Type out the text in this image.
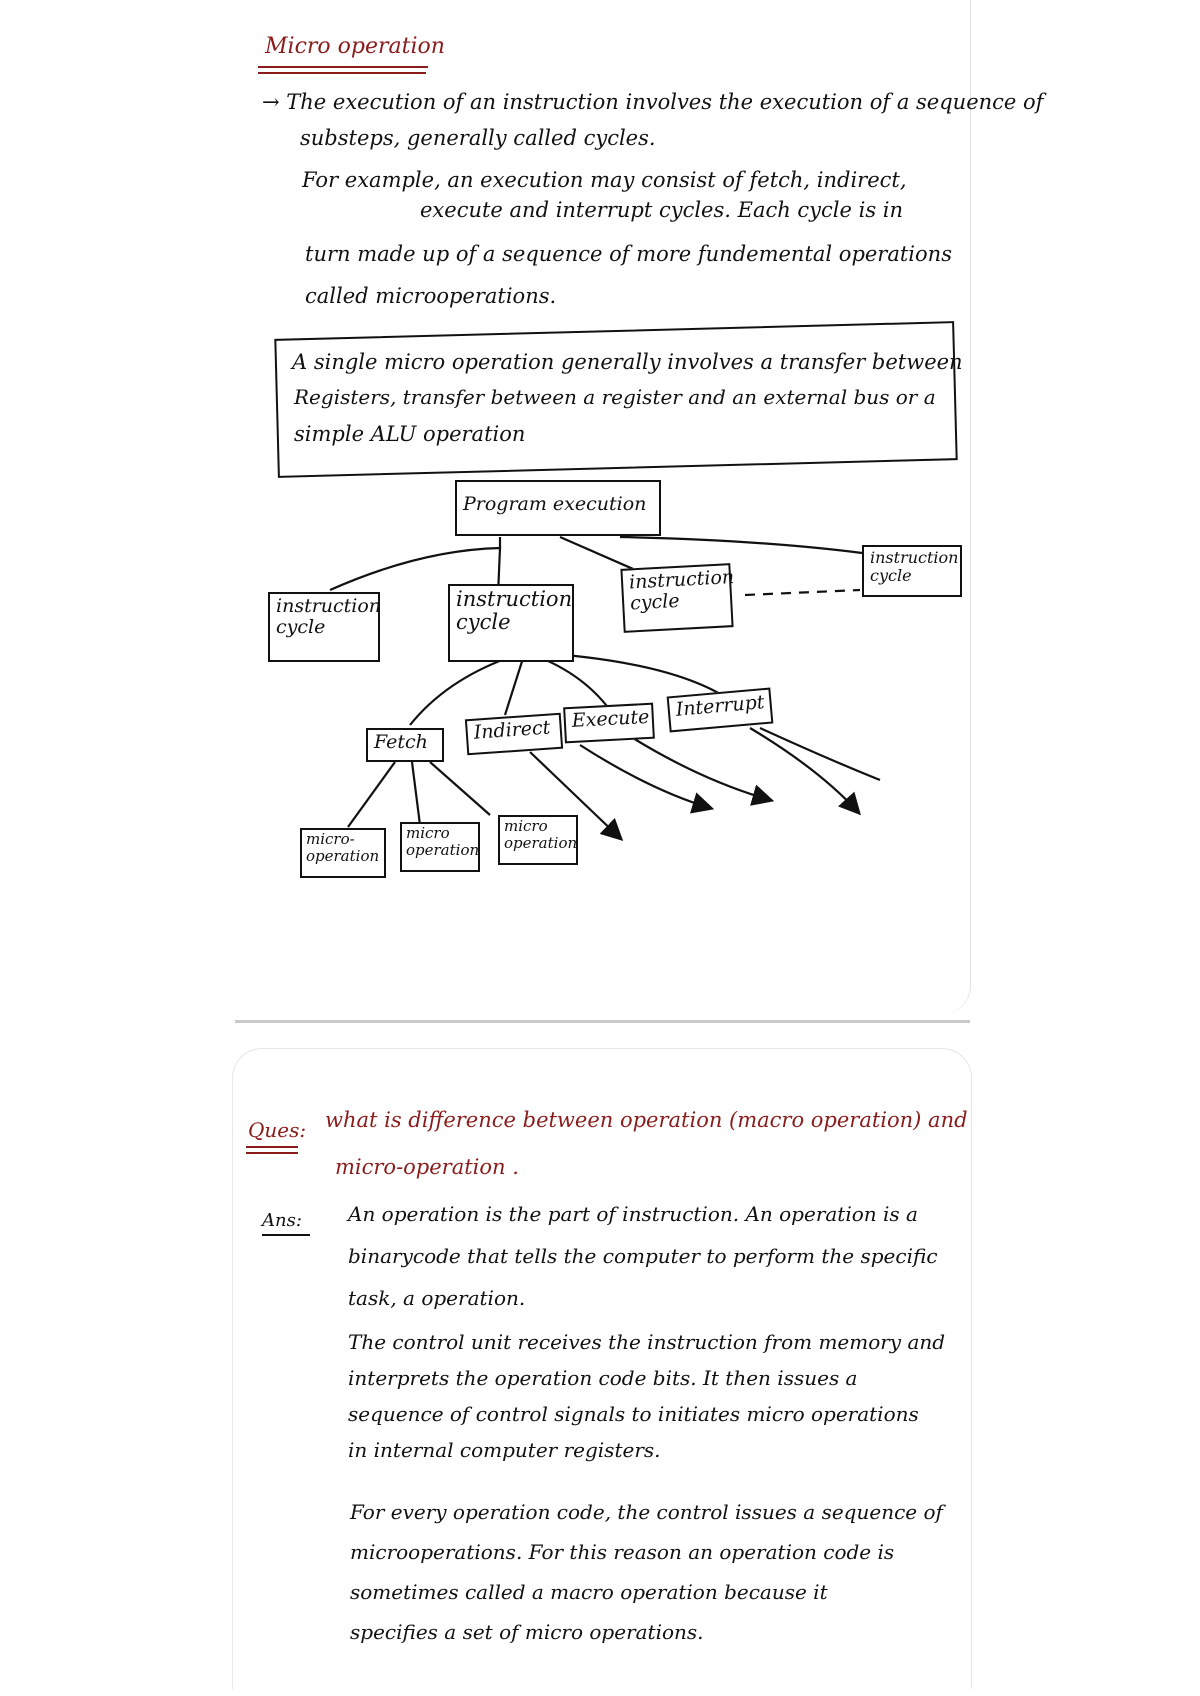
Micro operation
→ The execution of an instruction involves the execution of a sequence of
substeps, generally called cycles.
For example, an execution may consist of fetch, indirect,
execute and interrupt cycles. Each cycle is in
turn made up of a sequence of more fundemental operations
called microoperations.
A single micro operation generally involves a transfer between
Registers, transfer between a register and an external bus or a
simple ALU operation
Program execution
instruction cycle
instruction cycle
instruction cycle
instruction cycle
Fetch	Indirect	Execute	Interrupt
micro-operation
micro operation
micro operation
Ques: what is difference between operation (macro operation) and
micro-operation .
Ans: An operation is the part of instruction. An operation is a
binarycode that tells the computer to perform the specific
task, a operation.
The control unit receives the instruction from memory and
interprets the operation code bits. It then issues a
sequence of control signals to initiates micro operations
in internal computer registers.
For every operation code, the control issues a sequence of
microoperations. For this reason an operation code is
sometimes called a macro operation because it
specifies a set of micro operations.
